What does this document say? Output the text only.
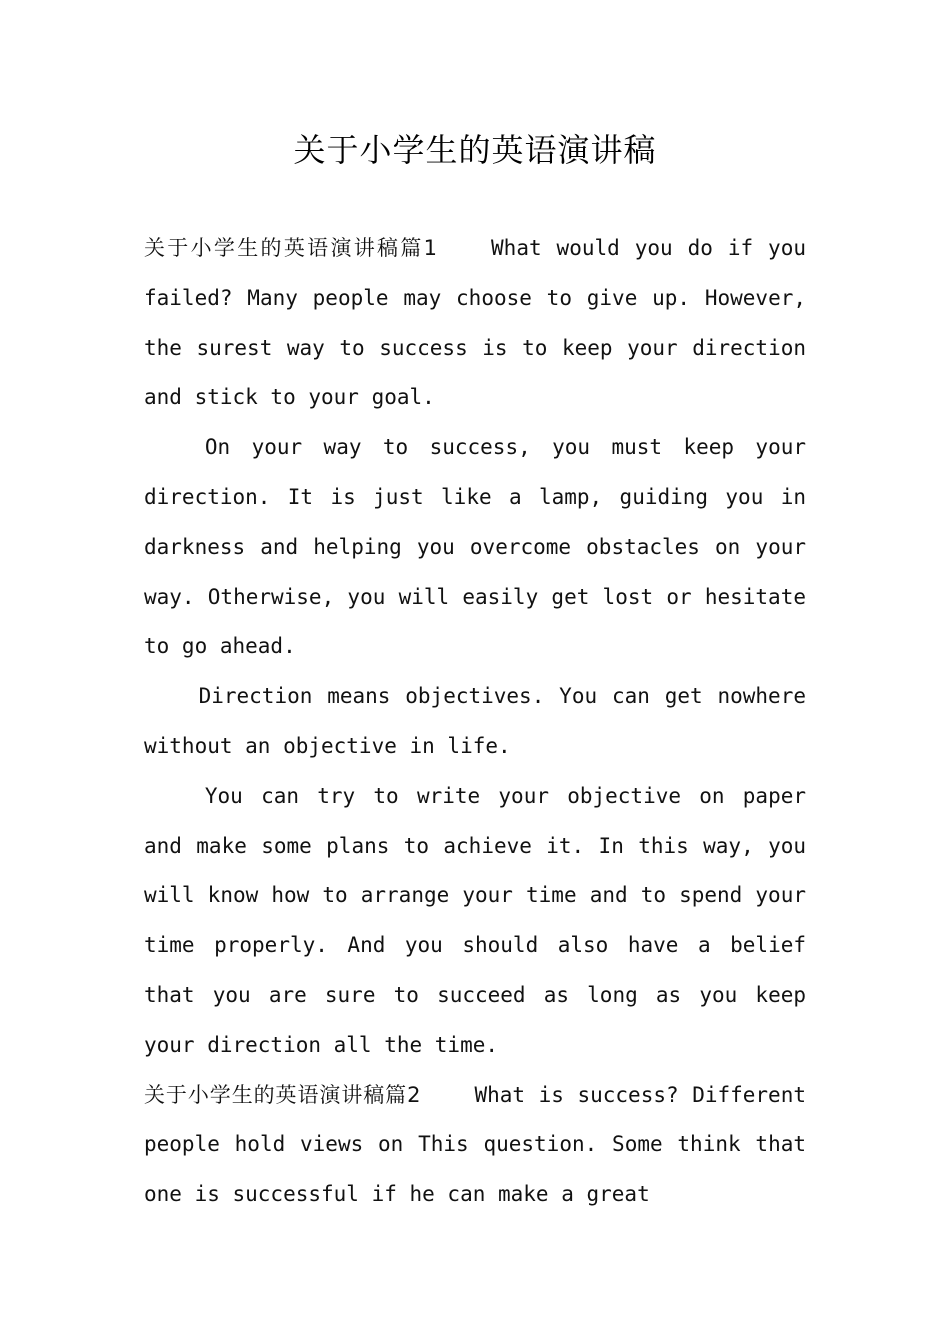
关于小学生的英语演讲稿

关于小学生的英语演讲稿篇1	What would you do if you failed? Many people may choose to give up. However, the surest way to success is to keep your direction and stick to your goal.

On your way to success, you must keep your direction. It is just like a lamp, guiding you in darkness and helping you overcome obstacles on your way. Otherwise, you will easily get lost or hesitate to go ahead.

Direction means objectives. You can get nowhere without an objective in life.

You can try to write your objective on paper and make some plans to achieve it. In this way, you will know how to arrange your time and to spend your time properly. And you should also have a belief that you are sure to succeed as long as you keep your direction all the time.

关于小学生的英语演讲稿篇2	What is success? Different people hold views on This question. Some think that one is successful if he can make a great
